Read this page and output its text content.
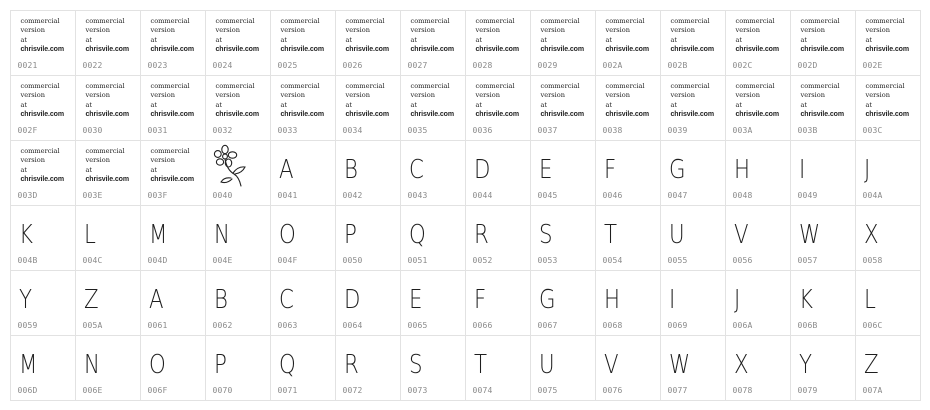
commercial
version
at
chrisvile.com
0021
commercial
version
at
chrisvile.com
0022
commercial
version
at
chrisvile.com
0023
commercial
version
at
chrisvile.com
0024
commercial
version
at
chrisvile.com
0025
commercial
version
at
chrisvile.com
0026
commercial
version
at
chrisvile.com
0027
commercial
version
at
chrisvile.com
0028
commercial
version
at
chrisvile.com
0029
commercial
version
at
chrisvile.com
002A
commercial
version
at
chrisvile.com
002B
commercial
version
at
chrisvile.com
002C
commercial
version
at
chrisvile.com
002D
commercial
version
at
chrisvile.com
002E
commercial
version
at
chrisvile.com
002F
commercial
version
at
chrisvile.com
0030
commercial
version
at
chrisvile.com
0031
commercial
version
at
chrisvile.com
0032
commercial
version
at
chrisvile.com
0033
commercial
version
at
chrisvile.com
0034
commercial
version
at
chrisvile.com
0035
commercial
version
at
chrisvile.com
0036
commercial
version
at
chrisvile.com
0037
commercial
version
at
chrisvile.com
0038
commercial
version
at
chrisvile.com
0039
commercial
version
at
chrisvile.com
003A
commercial
version
at
chrisvile.com
003B
commercial
version
at
chrisvile.com
003C
commercial
version
at
chrisvile.com
003D
commercial
version
at
chrisvile.com
003E
commercial
version
at
chrisvile.com
003F	0040
A
0041
B
0042
C
0043
D
0044
E
0045
F
0046
G
0047
H
0048
I
0049
J
004A
K
004B
L
004C
M
004D
N
004E
O
004F
P
0050
Q
0051
R
0052
S
0053
T
0054
U
0055
V
0056
W
0057
X
0058
Y
0059
Z
005A
A
0061
B
0062
C
0063
D
0064
E
0065
F
0066
G
0067
H
0068
I
0069
J
006A
K
006B
L
006C
M
006D
N
006E
O
006F
P
0070
Q
0071
R
0072
S
0073
T
0074
U
0075
V
0076
W
0077
X
0078
Y
0079
Z
007A
